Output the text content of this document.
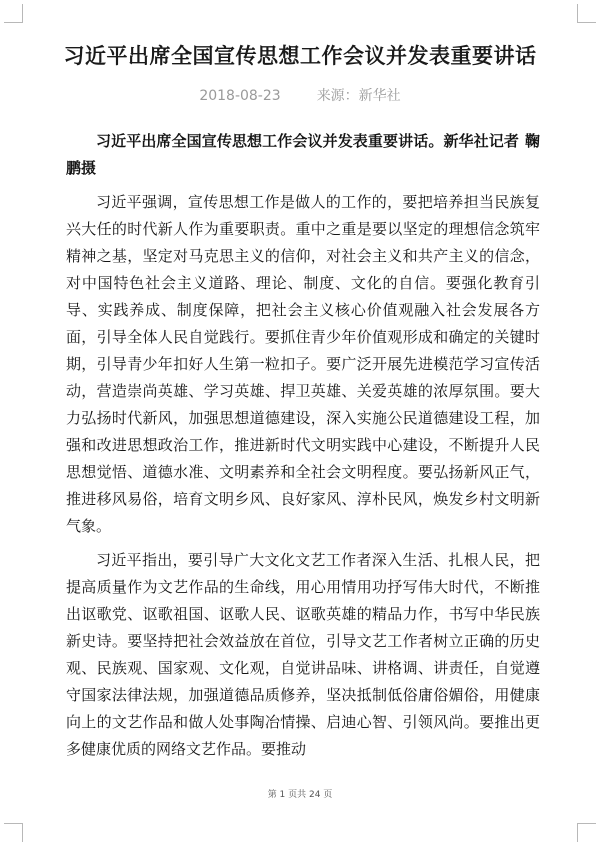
习近平出席全国宣传思想工作会议并发表重要讲话
2018-08-23	来源：新华社

习近平出席全国宣传思想工作会议并发表重要讲话。新华社记者 鞠鹏摄

习近平强调，宣传思想工作是做人的工作的，要把培养担当民族复兴大任的时代新人作为重要职责。重中之重是要以坚定的理想信念筑牢精神之基，坚定对马克思主义的信仰，对社会主义和共产主义的信念，对中国特色社会主义道路、理论、制度、文化的自信。要强化教育引导、实践养成、制度保障，把社会主义核心价值观融入社会发展各方面，引导全体人民自觉践行。要抓住青少年价值观形成和确定的关键时期，引导青少年扣好人生第一粒扣子。要广泛开展先进模范学习宣传活动，营造崇尚英雄、学习英雄、捍卫英雄、关爱英雄的浓厚氛围。要大力弘扬时代新风，加强思想道德建设，深入实施公民道德建设工程，加强和改进思想政治工作，推进新时代文明实践中心建设，不断提升人民思想觉悟、道德水准、文明素养和全社会文明程度。要弘扬新风正气，推进移风易俗，培育文明乡风、良好家风、淳朴民风，焕发乡村文明新气象。

习近平指出，要引导广大文化文艺工作者深入生活、扎根人民，把提高质量作为文艺作品的生命线，用心用情用功抒写伟大时代，不断推出讴歌党、讴歌祖国、讴歌人民、讴歌英雄的精品力作，书写中华民族新史诗。要坚持把社会效益放在首位，引导文艺工作者树立正确的历史观、民族观、国家观、文化观，自觉讲品味、讲格调、讲责任，自觉遵守国家法律法规，加强道德品质修养，坚决抵制低俗庸俗媚俗，用健康向上的文艺作品和做人处事陶冶情操、启迪心智、引领风尚。要推出更多健康优质的网络文艺作品。要推动

第 1 页共 24 页
